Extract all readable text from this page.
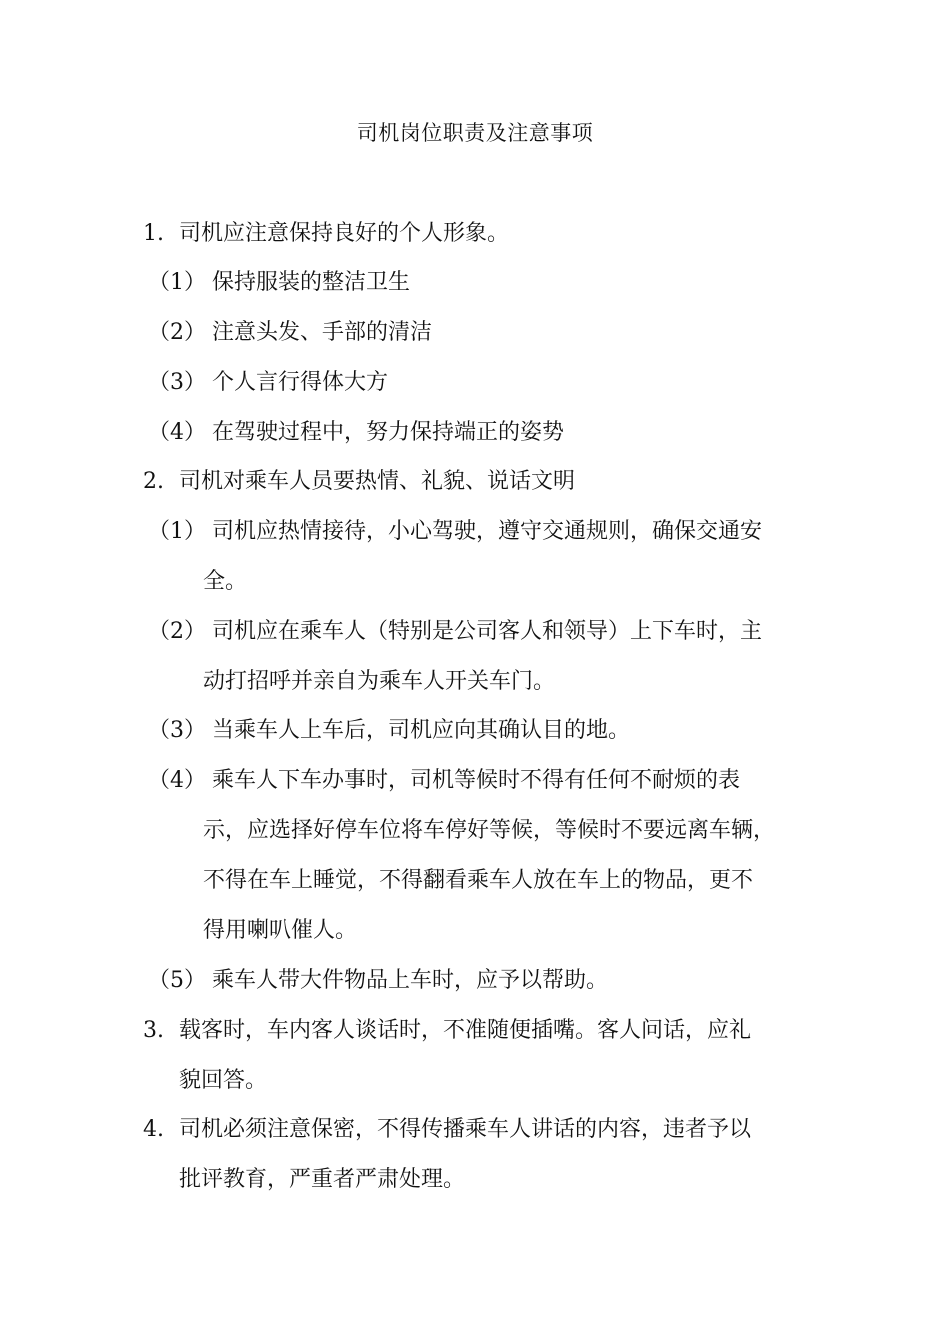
司机岗位职责及注意事项
1. 司机应注意保持良好的个人形象。
（1） 保持服装的整洁卫生
（2） 注意头发、手部的清洁
（3） 个人言行得体大方
（4） 在驾驶过程中，努力保持端正的姿势
2. 司机对乘车人员要热情、礼貌、说话文明
（1） 司机应热情接待，小心驾驶，遵守交通规则，确保交通安
全。
（2） 司机应在乘车人（特别是公司客人和领导）上下车时，主
动打招呼并亲自为乘车人开关车门。
（3） 当乘车人上车后，司机应向其确认目的地。
（4） 乘车人下车办事时，司机等候时不得有任何不耐烦的表
示，应选择好停车位将车停好等候，等候时不要远离车辆，
不得在车上睡觉，不得翻看乘车人放在车上的物品，更不
得用喇叭催人。
（5） 乘车人带大件物品上车时，应予以帮助。
3. 载客时，车内客人谈话时，不准随便插嘴。客人问话，应礼
貌回答。
4. 司机必须注意保密，不得传播乘车人讲话的内容，违者予以
批评教育，严重者严肃处理。
